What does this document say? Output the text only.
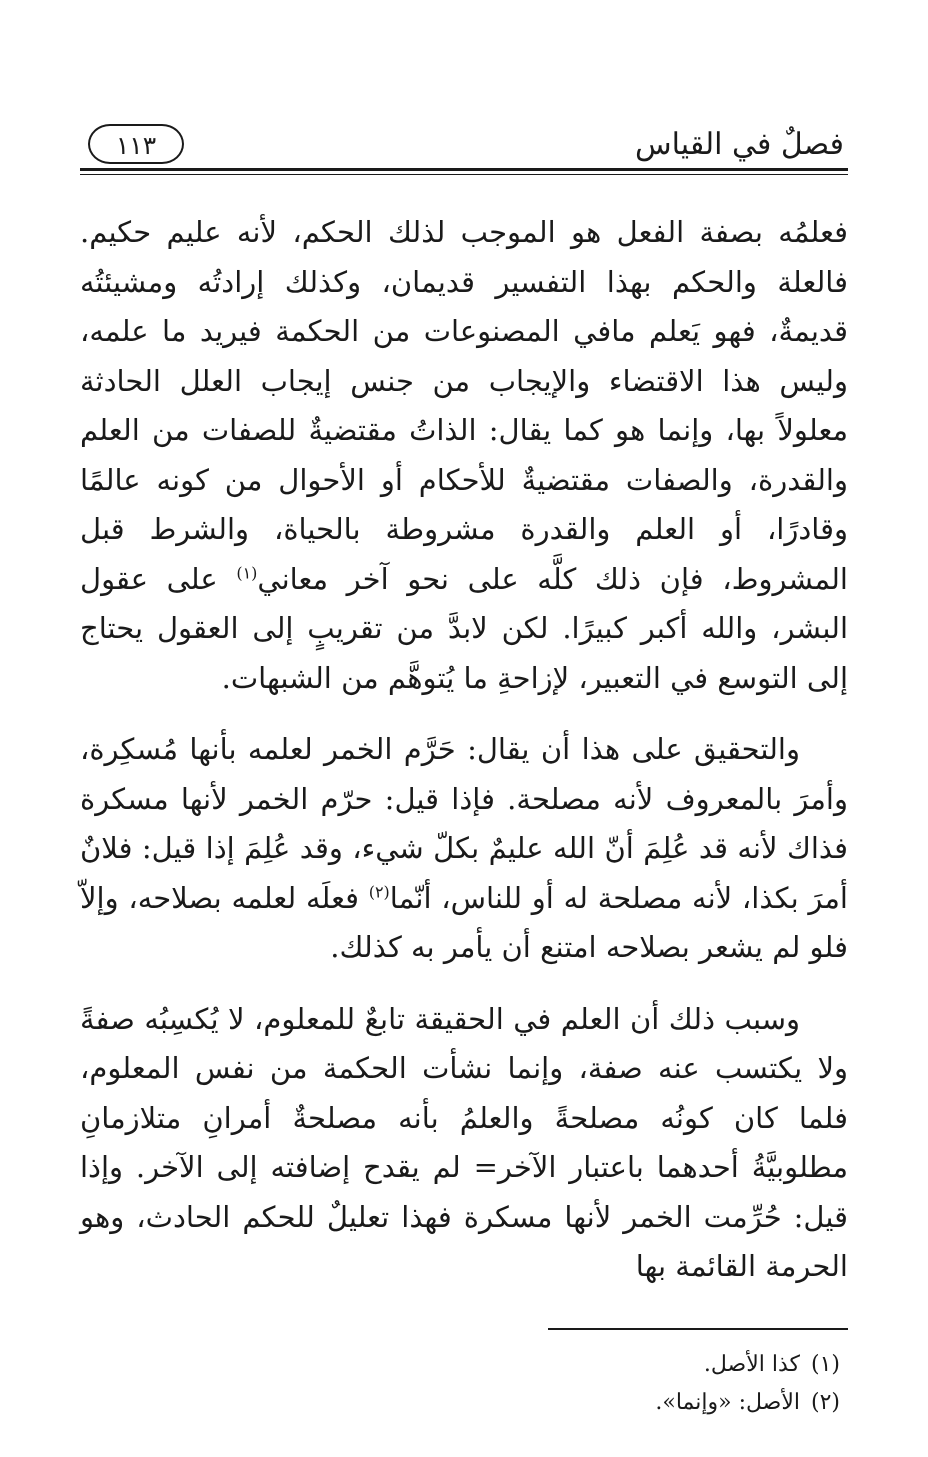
فصلٌ في القياس
١١٣

فعلمُه بصفة الفعل هو الموجب لذلك الحكم، لأنه عليم حكيم. فالعلة والحكم بهذا التفسير قديمان، وكذلك إرادتُه ومشيئتُه قديمةٌ، فهو يَعلم مافي المصنوعات من الحكمة فيريد ما علمه، وليس هذا الاقتضاء والإيجاب من جنس إيجاب العلل الحادثة معلولاً بها، وإنما هو كما يقال: الذاتُ مقتضيةٌ للصفات من العلم والقدرة، والصفات مقتضيةٌ للأحكام أو الأحوال من كونه عالمًا وقادرًا، أو العلم والقدرة مشروطة بالحياة، والشرط قبل المشروط، فإن ذلك كلَّه على نحو آخر معاني$^{(١)}$ على عقول البشر، والله أكبر كبيرًا. لكن لابدَّ من تقريبٍ إلى العقول يحتاج إلى التوسع في التعبير، لإزاحةِ ما يُتوهَّم من الشبهات.

والتحقيق على هذا أن يقال: حَرَّم الخمر لعلمه بأنها مُسكِرة، وأمرَ بالمعروف لأنه مصلحة. فإذا قيل: حرّم الخمر لأنها مسكرة فذاك لأنه قد عُلِمَ أنّ الله عليمٌ بكلّ شيء، وقد عُلِمَ إذا قيل: فلانٌ أمرَ بكذا، لأنه مصلحة له أو للناس، أنّما$^{(٢)}$ فعلَه لعلمه بصلاحه، وإلاّ فلو لم يشعر بصلاحه امتنع أن يأمر به كذلك.

وسبب ذلك أن العلم في الحقيقة تابعٌ للمعلوم، لا يُكسِبُه صفةً ولا يكتسب عنه صفة، وإنما نشأت الحكمة من نفس المعلوم، فلما كان كونُه مصلحةً والعلمُ بأنه مصلحةٌ أمرانِ متلازمانِ مطلوبيَّةُ أحدهما باعتبار الآخر= لم يقدح إضافته إلى الآخر. وإذا قيل: حُرِّمت الخمر لأنها مسكرة فهذا تعليلٌ للحكم الحادث، وهو الحرمة القائمة بها

(١)
كذا الأصل.
(٢)
الأصل: «وإنما».
